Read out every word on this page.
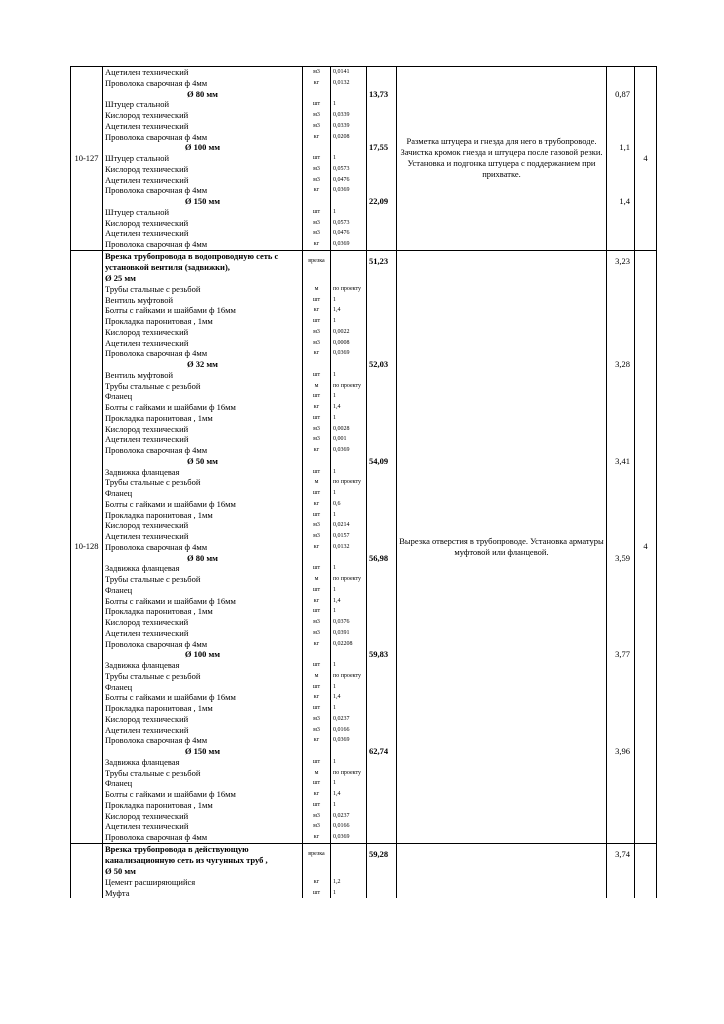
10-127	Ацетилен технический	м3	0,0141		Разметка штуцера и гнезда для него в трубопроводе. Зачистка кромок гнезда и штуцера после газовой резки. Установка и подгонка штуцера с поддержанием при прихватке.		4
	Проволока сварочная ф 4мм	кг	0,0132				
	Ø 80 мм			13,73		0,87	
	Штуцер стальной	шт	1				
	Кислород технический	м3	0,0339				
	Ацетилен технический	м3	0,0339				
	Проволока сварочная ф 4мм	кг	0,0208				
	Ø 100 мм			17,55		1,1	
	Штуцер стальной	шт	1				
	Кислород технический	м3	0,0573				
	Ацетилен технический	м3	0,0476				
	Проволока сварочная ф 4мм	кг	0,0369				
	Ø 150 мм			22,09		1,4	
	Штуцер стальной	шт	1				
	Кислород технический	м3	0,0573				
	Ацетилен технический	м3	0,0476				
	Проволока сварочная ф 4мм	кг	0,0369				
10-128	Врезка трубопровода в водопроводную сеть с установкой вентиля (задвижки),	врезка		51,23	Вырезка отверстия в трубопроводе. Установка арматуры муфтовой или фланцевой.	3,23	4
	Ø 25 мм						
	Трубы стальные с резьбой	м	по проекту				
	Вентиль муфтовой	шт	1				
	Болты с гайками и шайбами ф 16мм	кг	1,4				
	Прокладка паронитовая , 1мм	шт	1				
	Кислород технический	м3	0,0022				
	Ацетилен технический	м3	0,0008				
	Проволока сварочная ф 4мм	кг	0,0369				
	Ø 32 мм			52,03		3,28	
	Вентиль муфтовой	шт	1				
	Трубы стальные с резьбой	м	по проекту				
	Фланец	шт	1				
	Болты с гайками и шайбами ф 16мм	кг	1,4				
	Прокладка паронитовая , 1мм	шт	1				
	Кислород технический	м3	0,0028				
	Ацетилен технический	м3	0,001				
	Проволока сварочная ф 4мм	кг	0,0369				
	Ø 50 мм			54,09		3,41	
	Задвижка фланцевая	шт	1				
	Трубы стальные с резьбой	м	по проекту				
	Фланец	шт	1				
	Болты с гайками и шайбами ф 16мм	кг	0,6				
	Прокладка паронитовая , 1мм	шт	1				
	Кислород технический	м3	0,0214				
	Ацетилен технический	м3	0,0157				
	Проволока сварочная ф 4мм	кг	0,0132				
	Ø 80 мм			56,98		3,59	
	Задвижка фланцевая	шт	1				
	Трубы стальные с резьбой	м	по проекту				
	Фланец	шт	1				
	Болты с гайками и шайбами ф 16мм	кг	1,4				
	Прокладка паронитовая , 1мм	шт	1				
	Кислород технический	м3	0,0376				
	Ацетилен технический	м3	0,0391				
	Проволока сварочная ф 4мм	кг	0,02208				
	Ø 100 мм			59,83		3,77	
	Задвижка фланцевая	шт	1				
	Трубы стальные с резьбой	м	по проекту				
	Фланец	шт	1				
	Болты с гайками и шайбами ф 16мм	кг	1,4				
	Прокладка паронитовая , 1мм	шт	1				
	Кислород технический	м3	0,0237				
	Ацетилен технический	м3	0,0166				
	Проволока сварочная ф 4мм	кг	0,0369				
	Ø 150 мм			62,74		3,96	
	Задвижка фланцевая	шт	1				
	Трубы стальные с резьбой	м	по проекту				
	Фланец	шт	1				
	Болты с гайками и шайбами ф 16мм	кг	1,4				
	Прокладка паронитовая , 1мм	шт	1				
	Кислород технический	м3	0,0237				
	Ацетилен технический	м3	0,0166				
	Проволока сварочная ф 4мм	кг	0,0369				
	Врезка трубопровода в действующую канализационную сеть из чугунных труб ,	врезка		59,28		3,74	
	Ø 50 мм						
	Цемент расширяющийся	кг	1,2				
	Муфта	шт	1				
